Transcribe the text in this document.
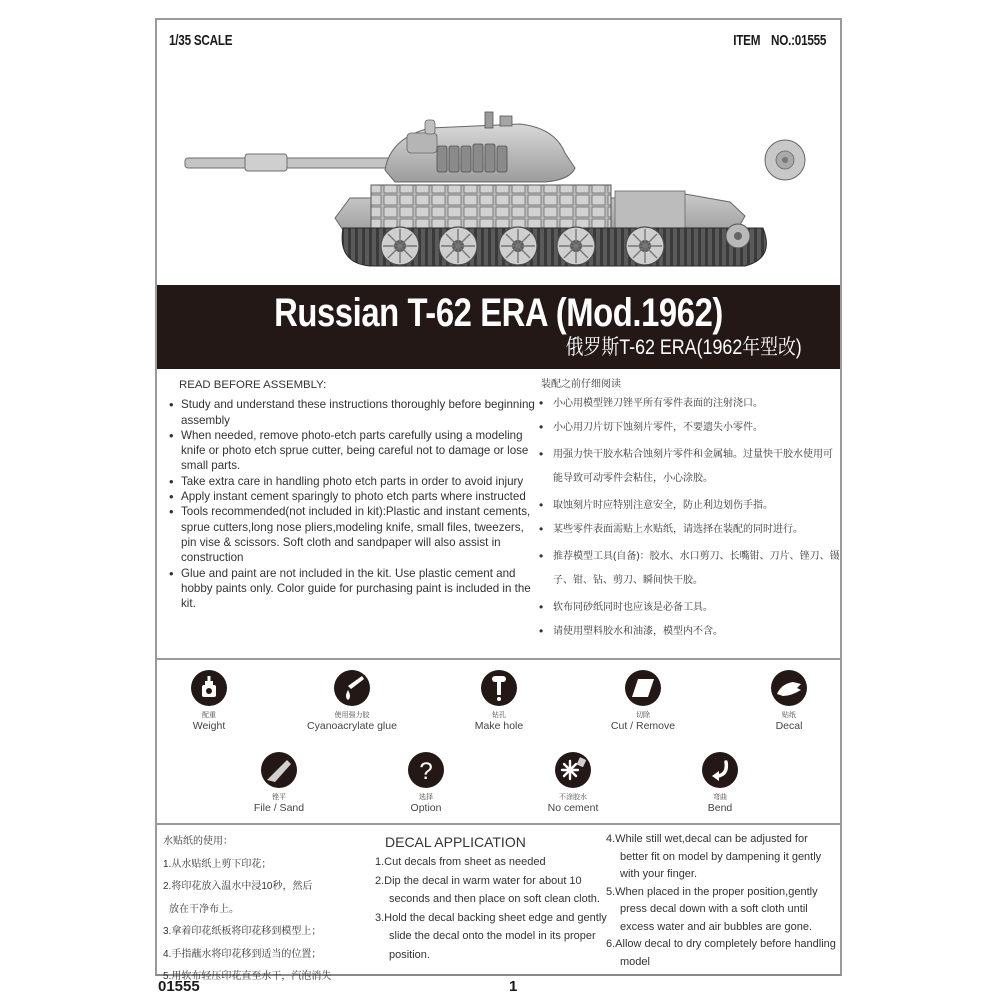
1/35 SCALE	ITEM NO.:01555
Russian T-62 ERA (Mod.1962)
俄罗斯T-62 ERA(1962年型改)
READ BEFORE ASSEMBLY:
• Study and understand these instructions thoroughly before beginning assembly
• When needed, remove photo-etch parts carefully using a modeling knife or photo etch sprue cutter, being careful not to damage or lose small parts.
• Take extra care in handling photo etch parts in order to avoid injury
• Apply instant cement sparingly to photo etch parts where instructed
• Tools recommended(not included in kit):Plastic and instant cements, sprue cutters,long nose pliers,modeling knife, small files, tweezers, pin vise & scissors. Soft cloth and sandpaper will also assist in construction
• Glue and paint are not included in the kit. Use plastic cement and hobby paints only. Color guide for purchasing paint is included in the kit.
装配之前仔细阅读
• 小心用模型锉刀锉平所有零件表面的注射浇口。
• 小心用刀片切下蚀刻片零件，不要遗失小零件。
• 用强力快干胶水粘合蚀刻片零件和金属轴。过量快干胶水使用可能导致可动零件会粘住，小心涂胶。
• 取蚀刻片时应特别注意安全，防止利边划伤手指。
• 某些零件表面需贴上水贴纸，请选择在装配的同时进行。
• 推荐模型工具(自备)：胶水、水口剪刀、长嘴钳、刀片、锉刀、镊子、钳、钻、剪刀、瞬间快干胶。
• 软布同砂纸同时也应该是必备工具。
• 请使用塑料胶水和油漆，模型内不含。
配重
Weight
使用强力胶
Cyanoacrylate glue
钻孔
Make hole
切除
Cut / Remove
贴纸
Decal
锉平
File / Sand
?
选择
Option
不涂胶水
No cement
弯曲
Bend
水贴纸的使用：
1.从水贴纸上剪下印花；
2.将印花放入温水中浸10秒，然后
放在干净布上。
3.拿着印花纸板将印花移到模型上；
4.手指蘸水将印花移到适当的位置；
5.用软布轻压印花直至水干，汽泡消失
DECAL APPLICATION
1.Cut decals from sheet as needed
2.Dip the decal in warm water for about 10 seconds and then place on soft clean cloth.
3.Hold the decal backing sheet edge and gently slide the decal onto the model in its proper position.
4.While still wet,decal can be adjusted for better fit on model by dampening it gently with your finger.
5.When placed in the proper position,gently press decal down with a soft cloth until excess water and air bubbles are gone.
6.Allow decal to dry completely before handling model
01555	1
